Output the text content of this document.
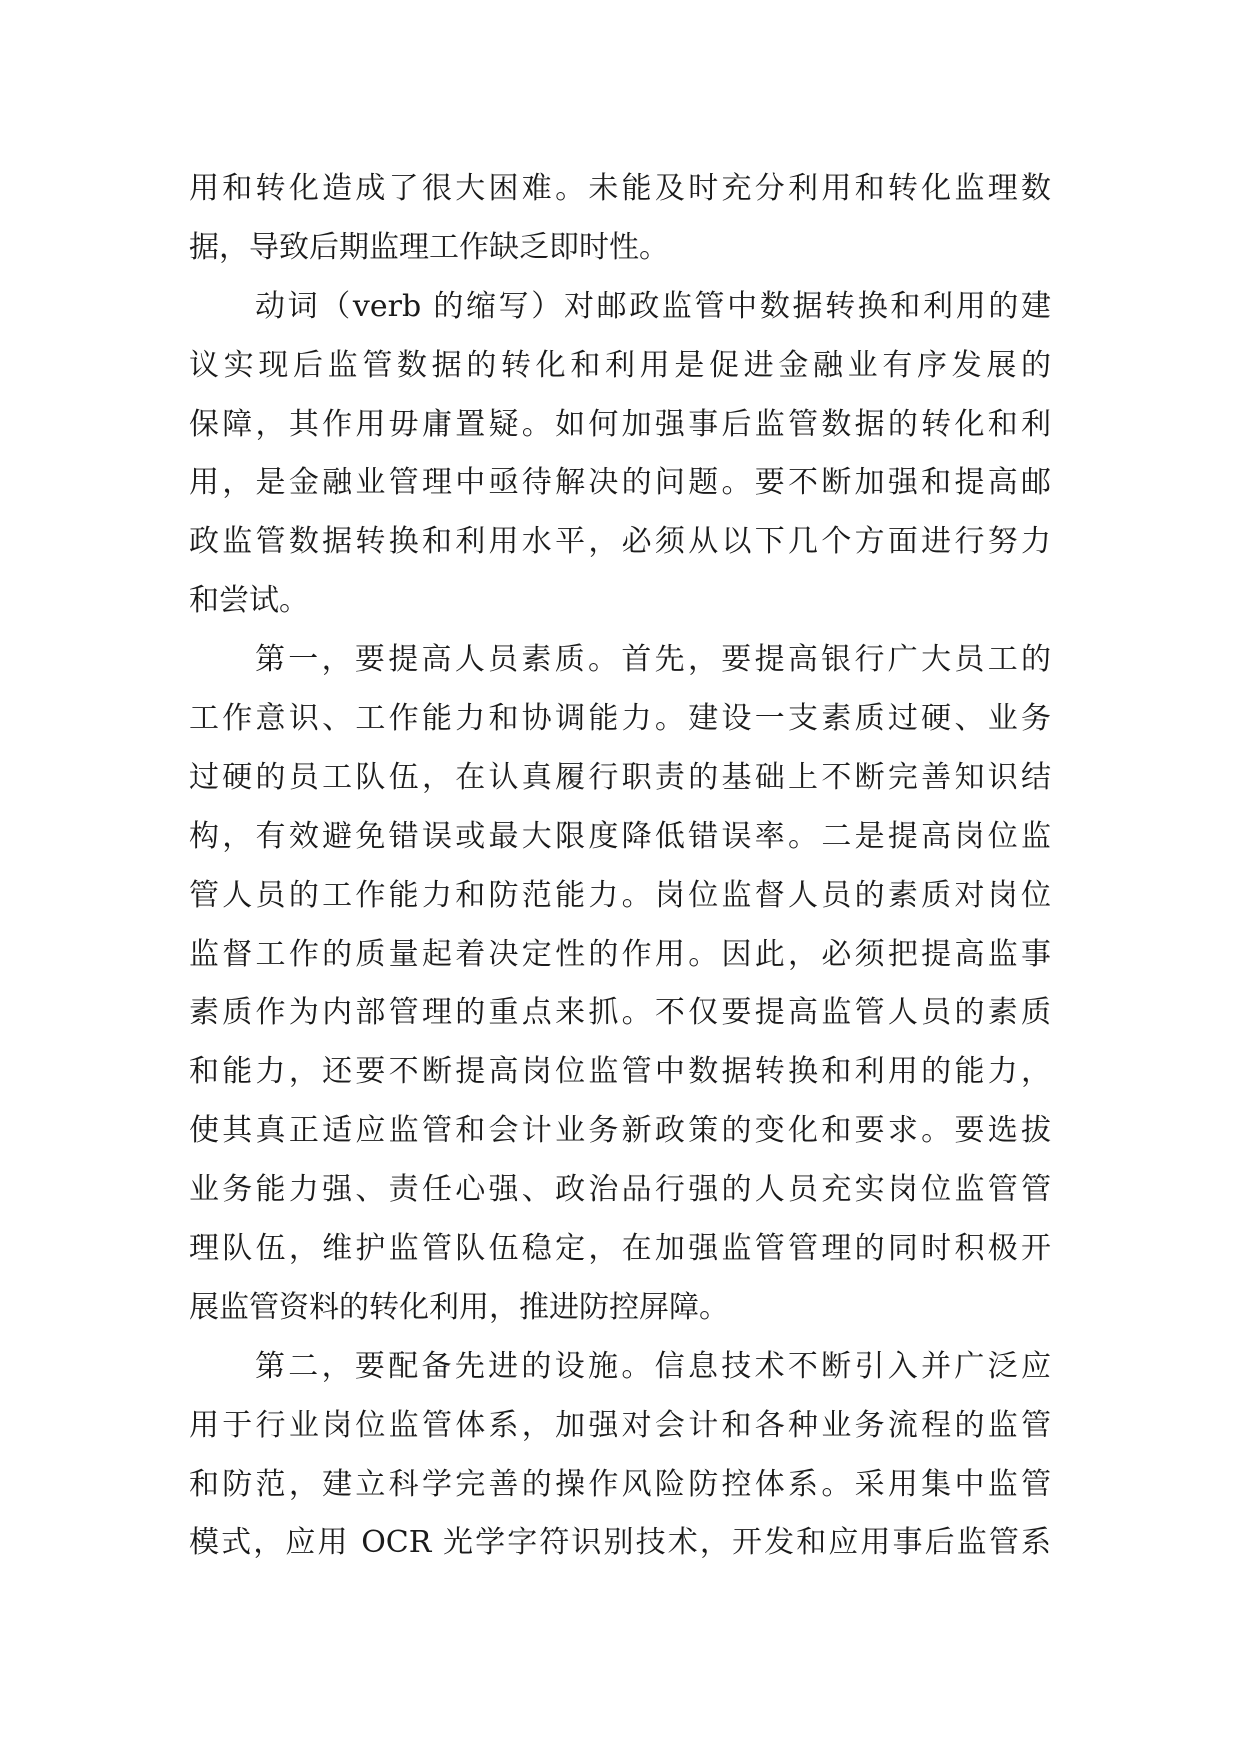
用和转化造成了很大困难。未能及时充分利用和转化监理数
据，导致后期监理工作缺乏即时性。
动词（verb 的缩写）对邮政监管中数据转换和利用的建
议实现后监管数据的转化和利用是促进金融业有序发展的
保障，其作用毋庸置疑。如何加强事后监管数据的转化和利
用，是金融业管理中亟待解决的问题。要不断加强和提高邮
政监管数据转换和利用水平，必须从以下几个方面进行努力
和尝试。
第一，要提高人员素质。首先，要提高银行广大员工的
工作意识、工作能力和协调能力。建设一支素质过硬、业务
过硬的员工队伍，在认真履行职责的基础上不断完善知识结
构，有效避免错误或最大限度降低错误率。二是提高岗位监
管人员的工作能力和防范能力。岗位监督人员的素质对岗位
监督工作的质量起着决定性的作用。因此，必须把提高监事
素质作为内部管理的重点来抓。不仅要提高监管人员的素质
和能力，还要不断提高岗位监管中数据转换和利用的能力，
使其真正适应监管和会计业务新政策的变化和要求。要选拔
业务能力强、责任心强、政治品行强的人员充实岗位监管管
理队伍，维护监管队伍稳定，在加强监管管理的同时积极开
展监管资料的转化利用，推进防控屏障。
第二，要配备先进的设施。信息技术不断引入并广泛应
用于行业岗位监管体系，加强对会计和各种业务流程的监管
和防范，建立科学完善的操作风险防控体系。采用集中监管
模式，应用 OCR 光学字符识别技术，开发和应用事后监管系
